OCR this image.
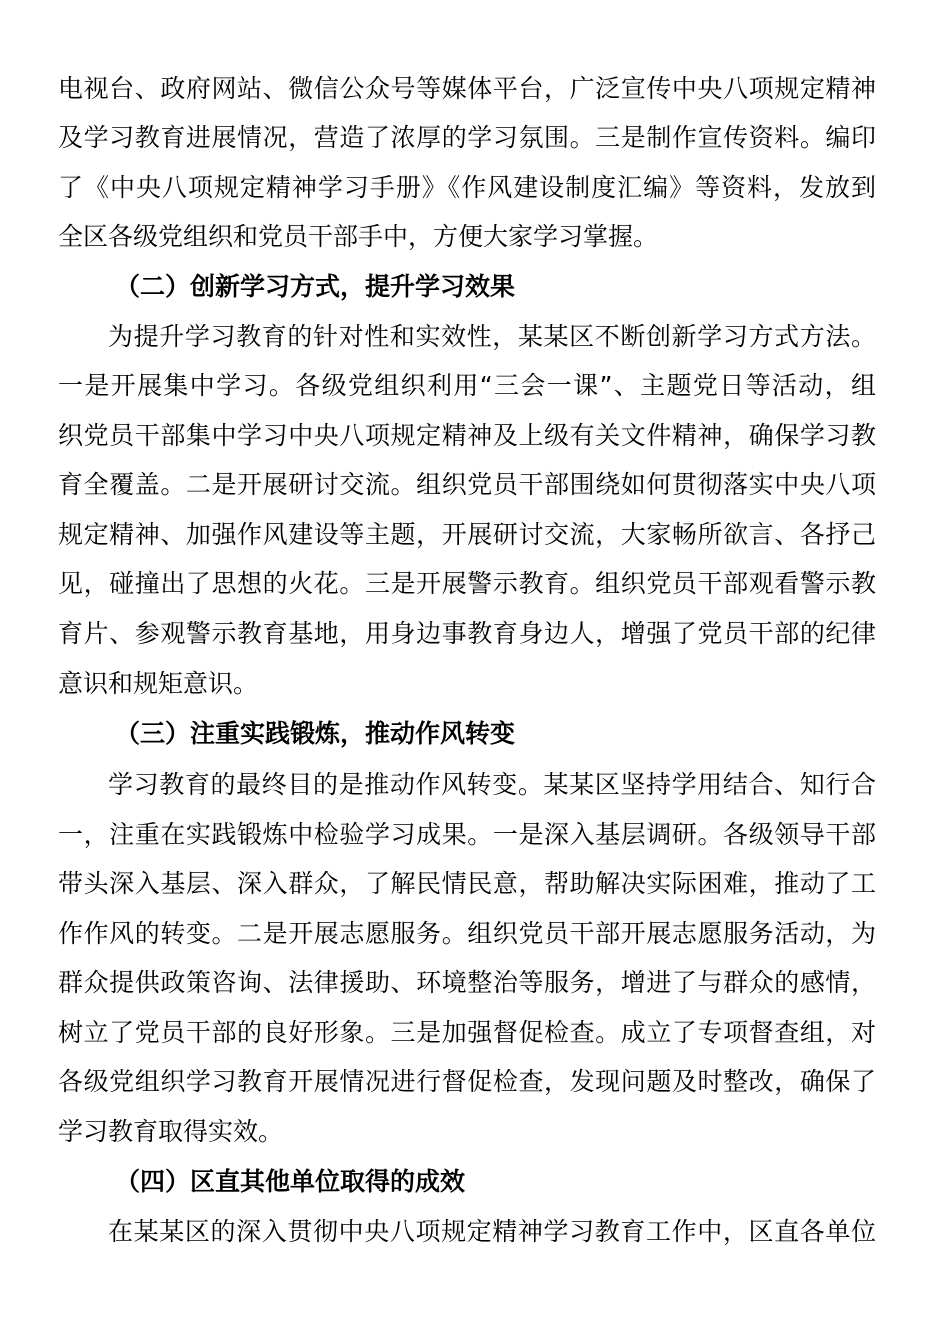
电视台、政府网站、微信公众号等媒体平台，广泛宣传中央八项规定精神
及学习教育进展情况，营造了浓厚的学习氛围。三是制作宣传资料。编印
了《中央八项规定精神学习手册》《作风建设制度汇编》等资料，发放到
全区各级党组织和党员干部手中，方便大家学习掌握。
（二）创新学习方式，提升学习效果
为提升学习教育的针对性和实效性，某某区不断创新学习方式方法。
一是开展集中学习。各级党组织利用“三会一课”、主题党日等活动，组
织党员干部集中学习中央八项规定精神及上级有关文件精神，确保学习教
育全覆盖。二是开展研讨交流。组织党员干部围绕如何贯彻落实中央八项
规定精神、加强作风建设等主题，开展研讨交流，大家畅所欲言、各抒己
见，碰撞出了思想的火花。三是开展警示教育。组织党员干部观看警示教
育片、参观警示教育基地，用身边事教育身边人，增强了党员干部的纪律
意识和规矩意识。
（三）注重实践锻炼，推动作风转变
学习教育的最终目的是推动作风转变。某某区坚持学用结合、知行合
一，注重在实践锻炼中检验学习成果。一是深入基层调研。各级领导干部
带头深入基层、深入群众，了解民情民意，帮助解决实际困难，推动了工
作作风的转变。二是开展志愿服务。组织党员干部开展志愿服务活动，为
群众提供政策咨询、法律援助、环境整治等服务，增进了与群众的感情，
树立了党员干部的良好形象。三是加强督促检查。成立了专项督查组，对
各级党组织学习教育开展情况进行督促检查，发现问题及时整改，确保了
学习教育取得实效。
（四）区直其他单位取得的成效
在某某区的深入贯彻中央八项规定精神学习教育工作中，区直各单位
